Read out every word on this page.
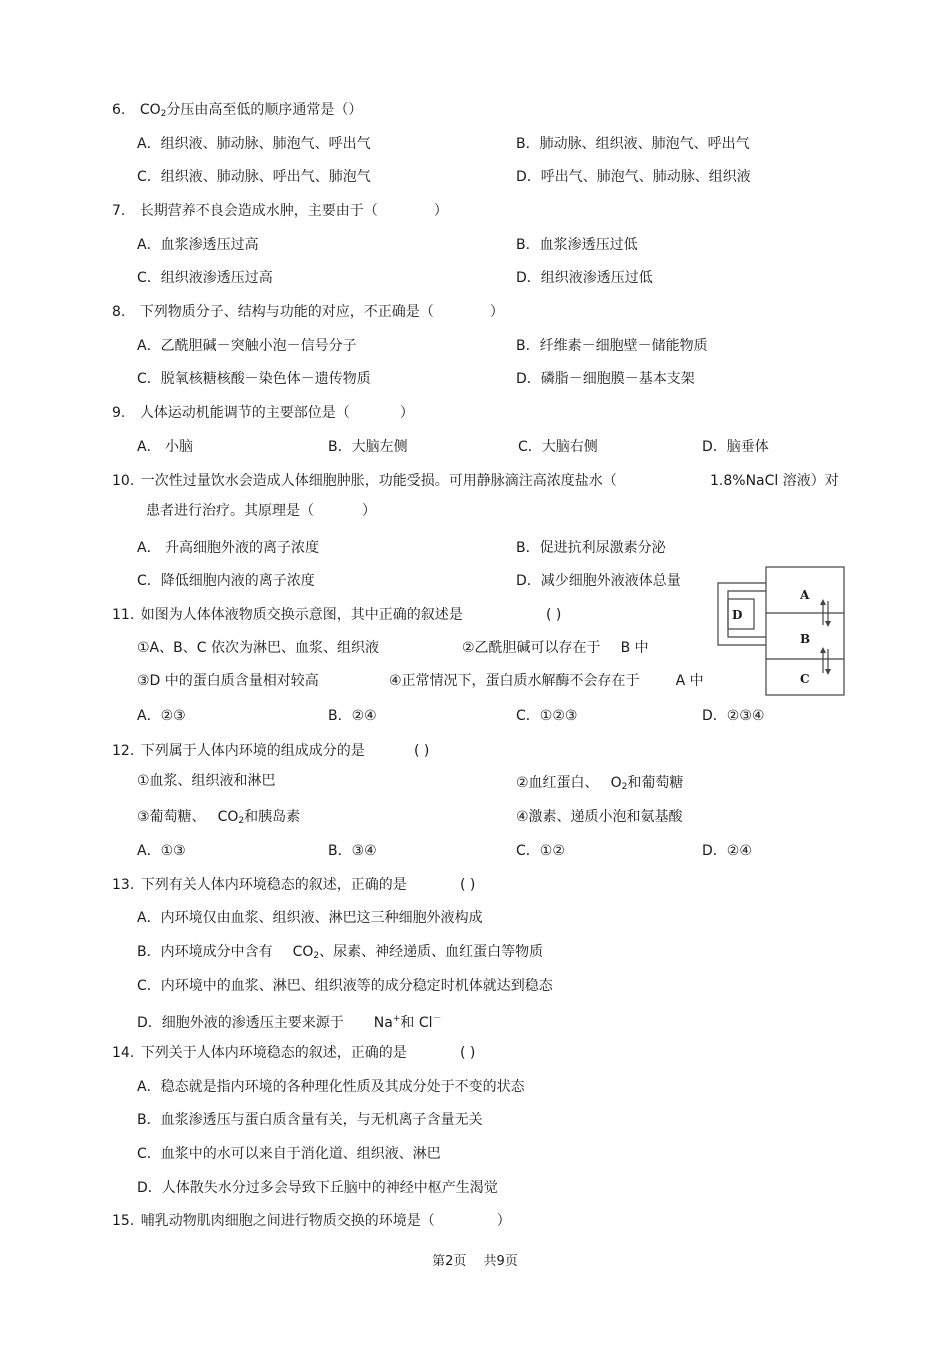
6. $CO_2$分压由高至低的顺序通常是（）
A．组织液、肺动脉、肺泡气、呼出气	B．肺动脉、组织液、肺泡气、呼出气
C．组织液、肺动脉、呼出气、肺泡气	D．呼出气、肺泡气、肺动脉、组织液
7. 长期营养不良会造成水肿，主要由于（	）
A．血浆渗透压过高	B．血浆渗透压过低
C．组织液渗透压过高	D．组织液渗透压过低
8. 下列物质分子、结构与功能的对应，不正确是（	）
A．乙酰胆碱－突触小泡－信号分子	B．纤维素－细胞壁－储能物质
C．脱氧核糖核酸－染色体－遗传物质	D．磷脂－细胞膜－基本支架
9. 人体运动机能调节的主要部位是（	）
A． 小脑	B．大脑左侧	C．大脑右侧	D．脑垂体
10. 一次性过量饮水会造成人体细胞肿胀，功能受损。可用静脉滴注高浓度盐水（	1.8%NaCl 溶液）对
患者进行治疗。其原理是（	）
A． 升高细胞外液的离子浓度	B．促进抗利尿激素分泌
C．降低细胞内液的离子浓度	D．减少细胞外液液体总量
11. 如图为人体体液物质交换示意图，其中正确的叙述是	( )
①A、B、C 依次为淋巴、血浆、组织液	②乙酰胆碱可以存在于 B 中
③D 中的蛋白质含量相对较高	④正常情况下，蛋白质水解酶不会存在于	A 中
A．②③	B．②④	C．①②③	D．②③④
A
B
C
D
12. 下列属于人体内环境的组成成分的是	( )
①血浆、组织液和淋巴	②血红蛋白、 $O_2$和葡萄糖
③葡萄糖、 $CO_2$和胰岛素	④激素、递质小泡和氨基酸
A．①③	B．③④	C．①②	D．②④
13. 下列有关人体内环境稳态的叙述，正确的是	( )
A．内环境仅由血浆、组织液、淋巴这三种细胞外液构成
B．内环境成分中含有 $CO_2$、尿素、神经递质、血红蛋白等物质
C．内环境中的血浆、淋巴、组织液等的成分稳定时机体就达到稳态
D．细胞外液的渗透压主要来源于 Na+和 Cl－
14. 下列关于人体内环境稳态的叙述，正确的是	( )
A．稳态就是指内环境的各种理化性质及其成分处于不变的状态
B．血浆渗透压与蛋白质含量有关，与无机离子含量无关
C．血浆中的水可以来自于消化道、组织液、淋巴
D．人体散失水分过多会导致下丘脑中的神经中枢产生渴觉
15. 哺乳动物肌肉细胞之间进行物质交换的环境是（	）
第2页　 共9页
